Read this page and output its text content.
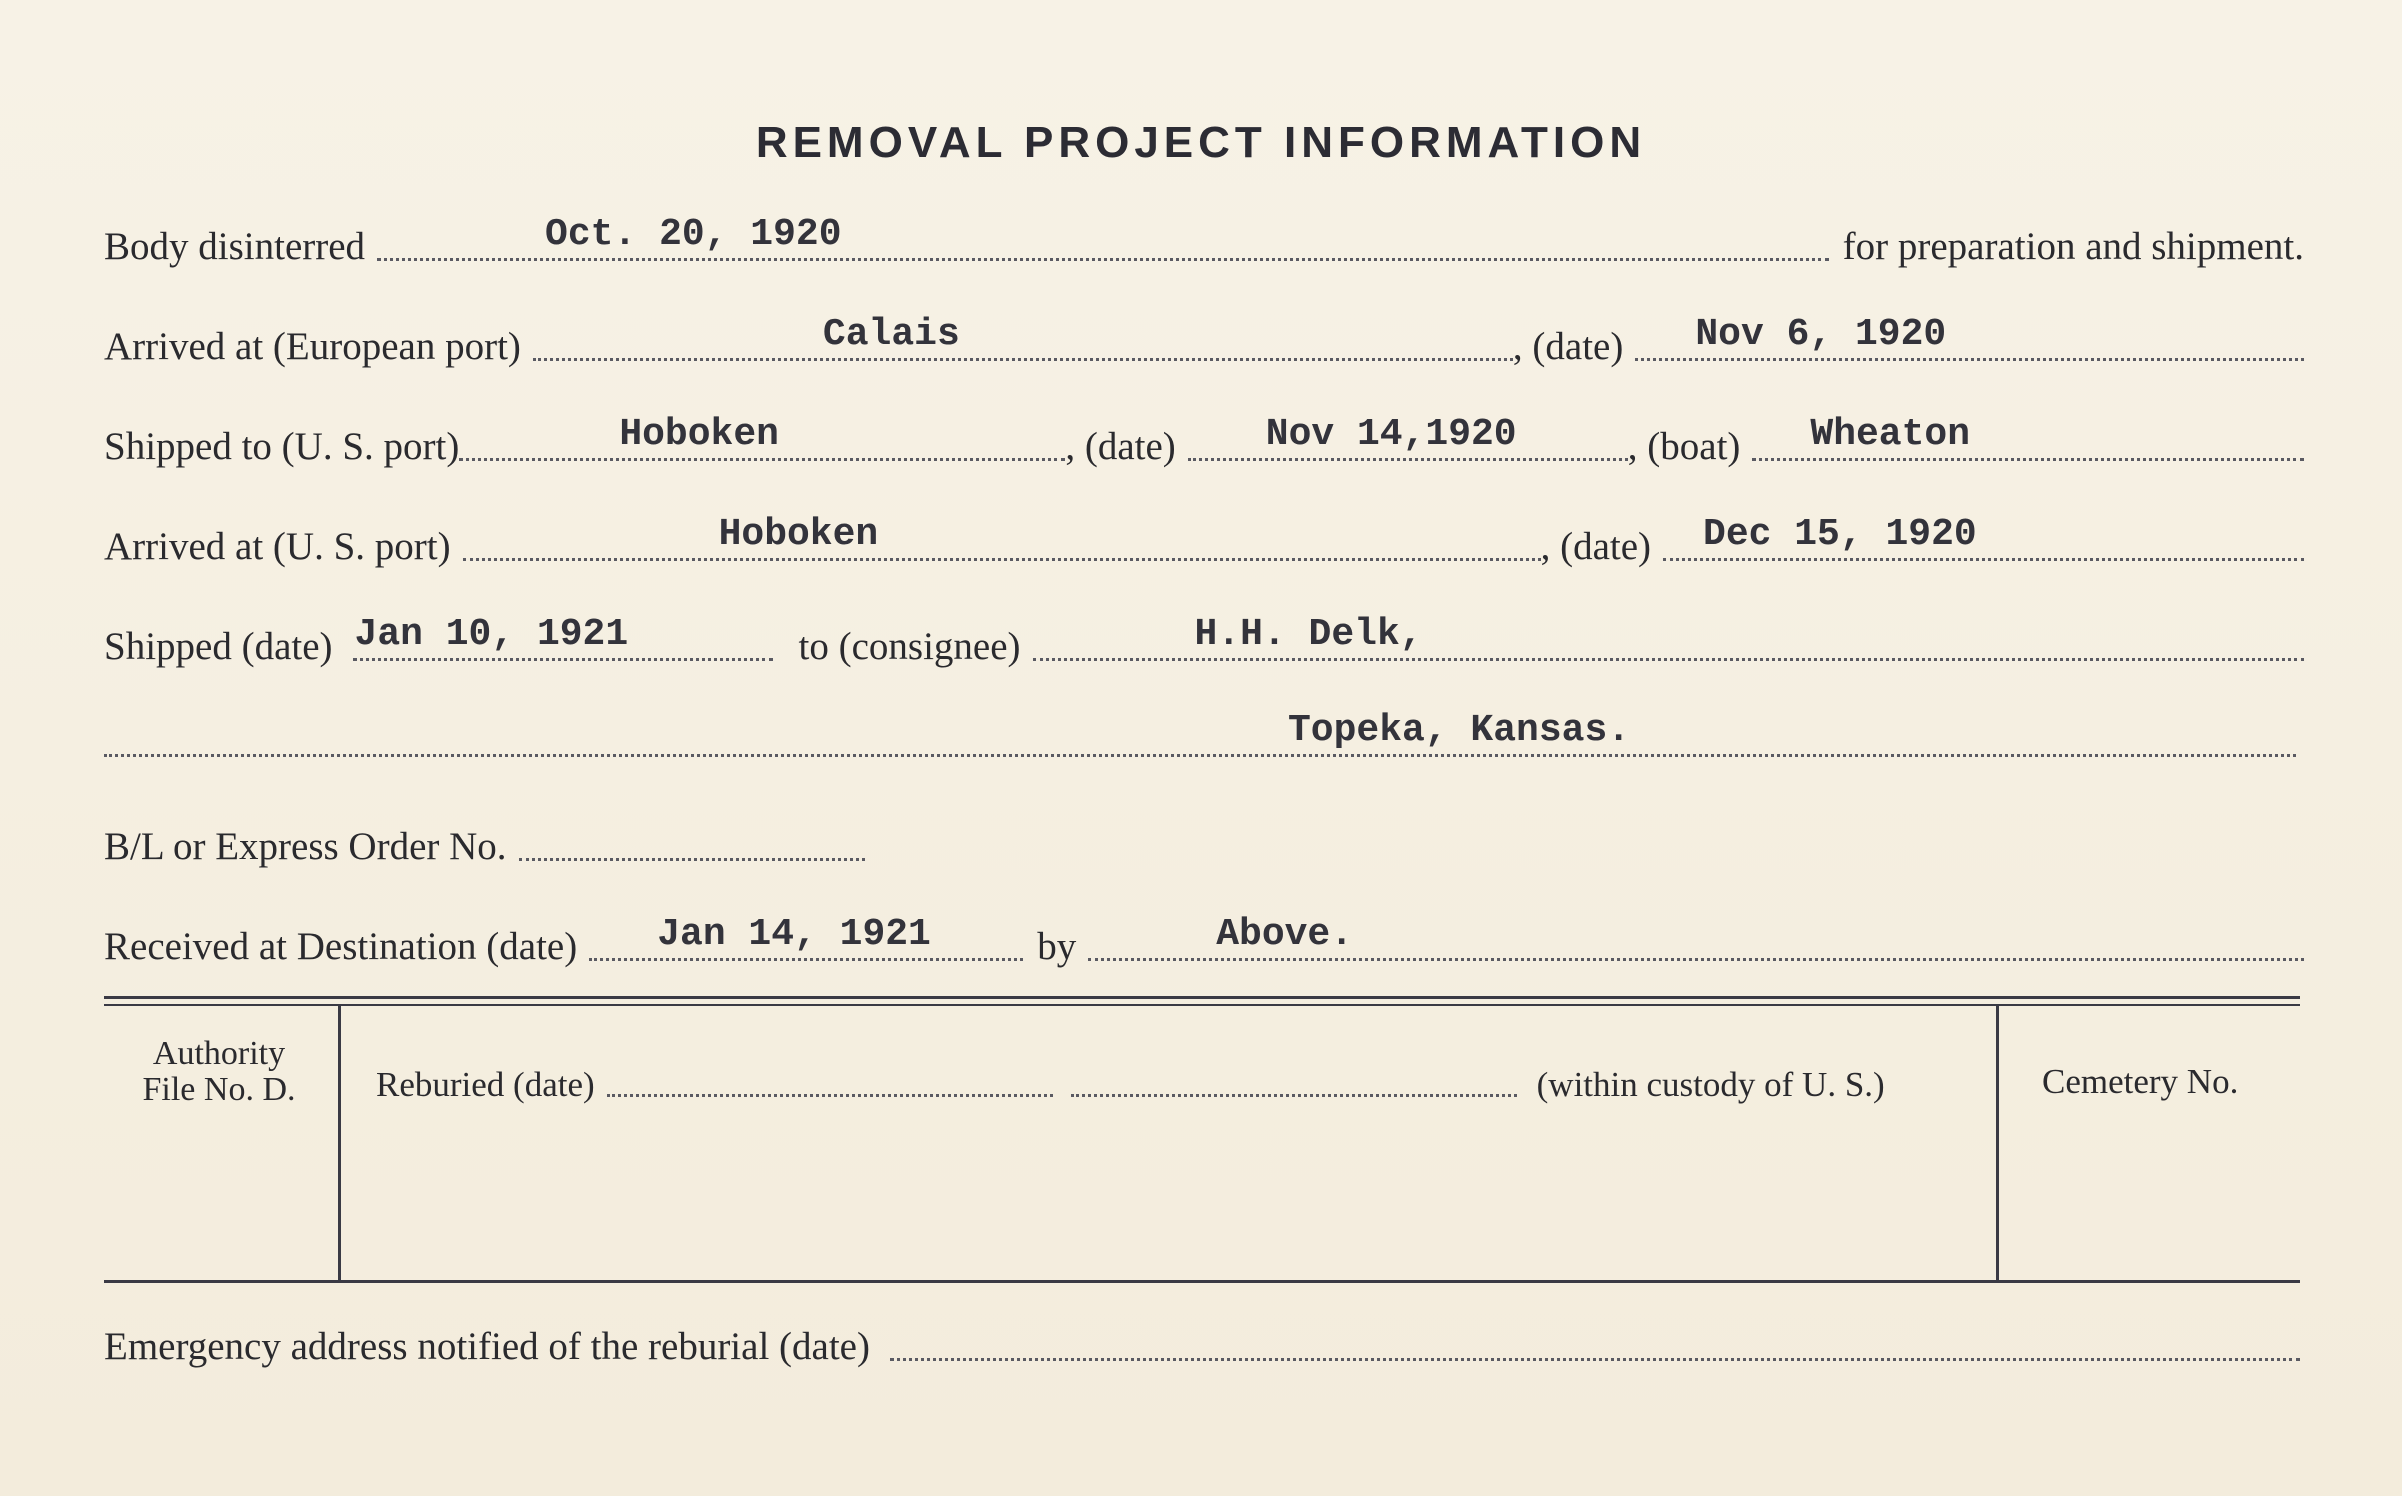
REMOVAL PROJECT INFORMATION
Body disinterred	Oct. 20, 1920	for preparation and shipment.
Arrived at (European port)	Calais	, (date)	Nov 6, 1920
Shipped to (U. S. port)	Hoboken	, (date)	Nov 14,1920	, (boat)	Wheaton
Arrived at (U. S. port)	Hoboken	, (date)	Dec 15, 1920
Shipped (date) Jan 10, 1921	to (consignee)	H.H. Delk,
Topeka, Kansas.
B/L or Express Order No.
Received at Destination (date)	Jan 14, 1921	by	Above.
Authority
File No. D.	Reburied (date)	(within custody of U. S.)	Cemetery No.
Emergency address notified of the reburial (date)
